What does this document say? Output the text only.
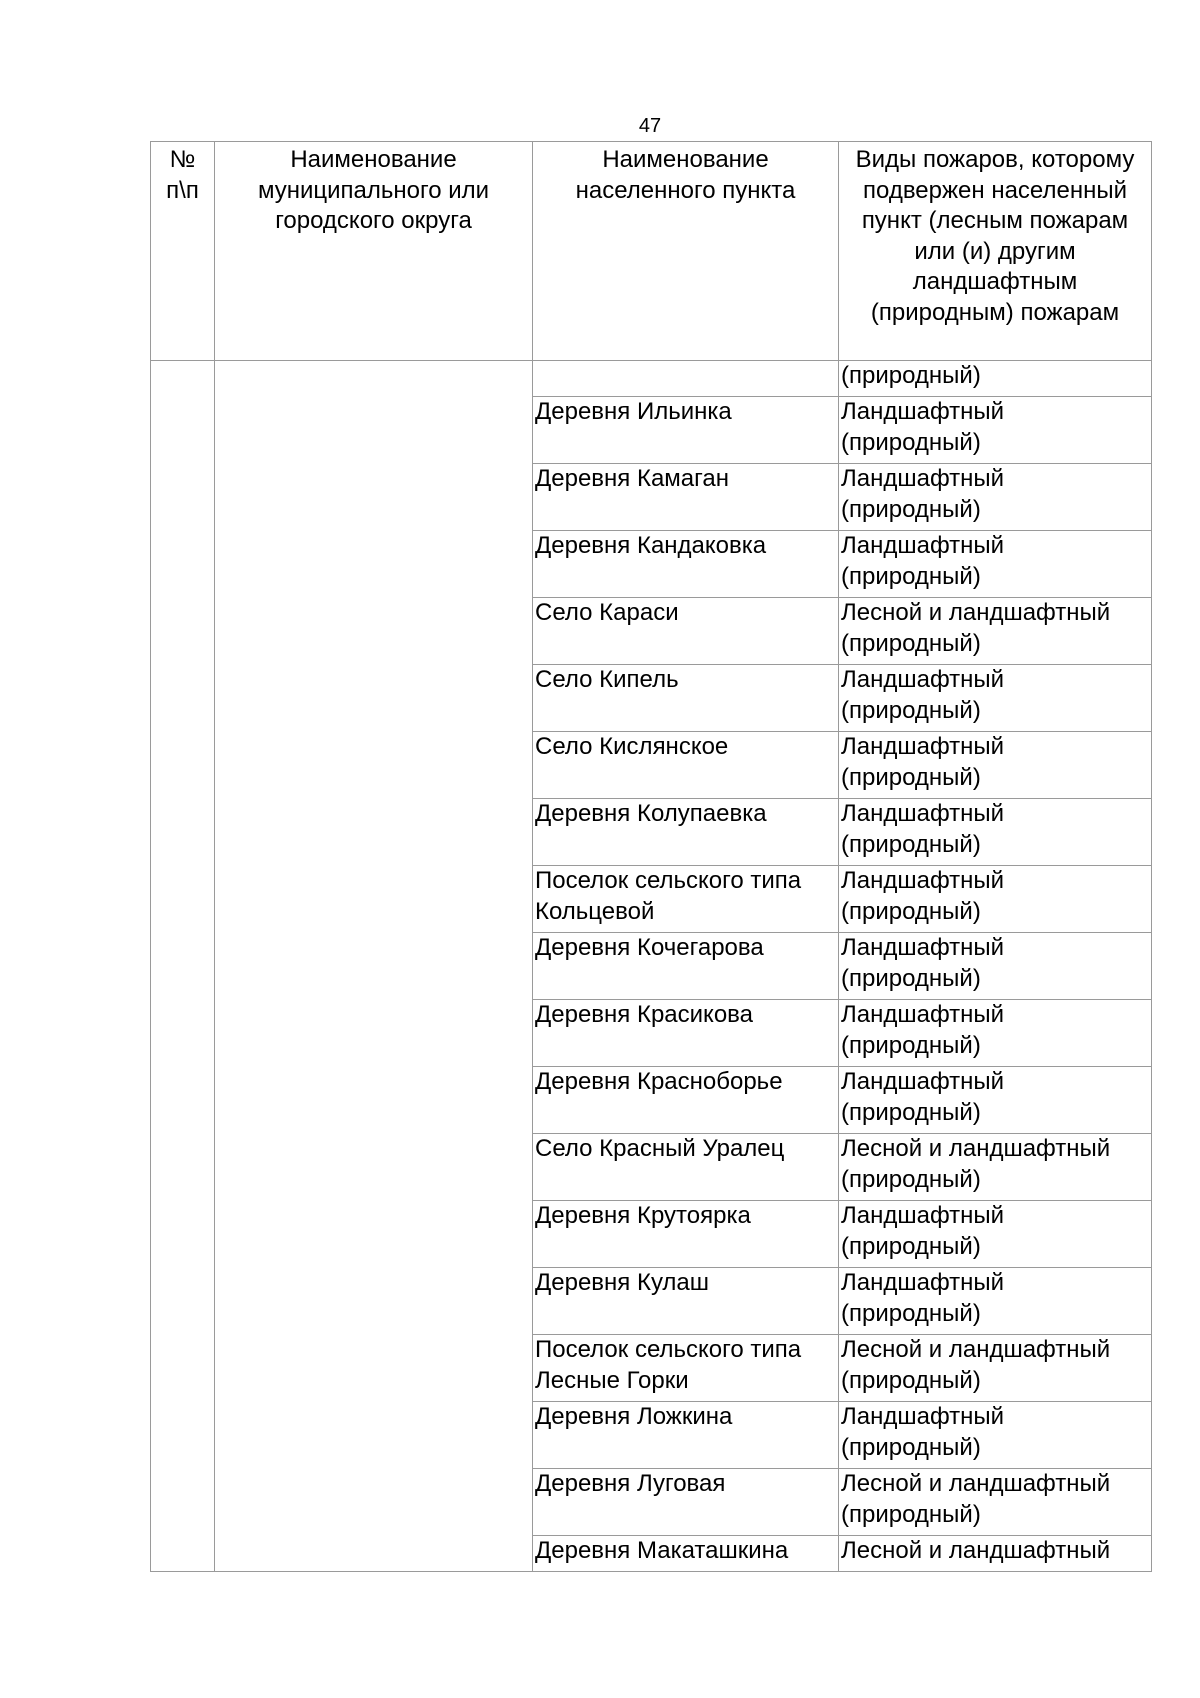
47
№ п\п	Наименование муниципального или городского округа	Наименование населенного пункта	Виды пожаров, которому подвержен населенный пункт (лесным пожарам или (и) другим ландшафтным (природным) пожарам
			(природный)
		Деревня Ильинка	Ландшафтный
(природный)
		Деревня Камаган	Ландшафтный
(природный)
		Деревня Кандаковка	Ландшафтный
(природный)
		Село Караси	Лесной и ландшафтный
(природный)
		Село Кипель	Ландшафтный
(природный)
		Село Кислянское	Ландшафтный
(природный)
		Деревня Колупаевка	Ландшафтный
(природный)
		Поселок сельского типа
Кольцевой	Ландшафтный
(природный)
		Деревня Кочегарова	Ландшафтный
(природный)
		Деревня Красикова	Ландшафтный
(природный)
		Деревня Красноборье	Ландшафтный
(природный)
		Село Красный Уралец	Лесной и ландшафтный
(природный)
		Деревня Крутоярка	Ландшафтный
(природный)
		Деревня Кулаш	Ландшафтный
(природный)
		Поселок сельского типа
Лесные Горки	Лесной и ландшафтный
(природный)
		Деревня Ложкина	Ландшафтный
(природный)
		Деревня Луговая	Лесной и ландшафтный
(природный)
		Деревня Макаташкина	Лесной и ландшафтный
